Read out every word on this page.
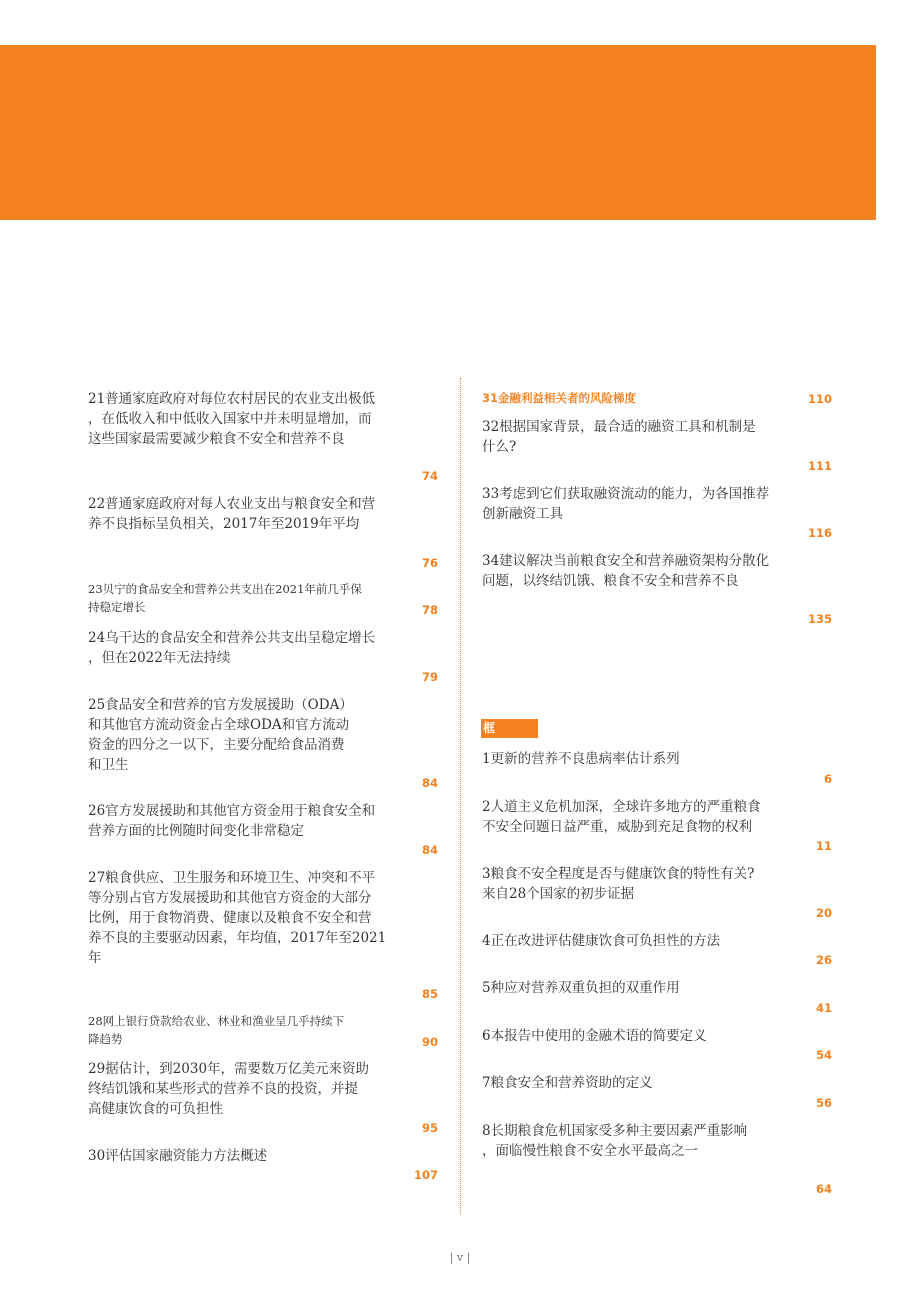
21普通家庭政府对每位农村居民的农业支出极低
，在低收入和中低收入国家中并未明显增加，而
这些国家最需要减少粮食不安全和营养不良
74
22普通家庭政府对每人农业支出与粮食安全和营
养不良指标呈负相关，2017年至2019年平均
76
23贝宁的食品安全和营养公共支出在2021年前几乎保
持稳定增长	78
24乌干达的食品安全和营养公共支出呈稳定增长
，但在2022年无法持续
79
25食品安全和营养的官方发展援助（ODA）
和其他官方流动资金占全球ODA和官方流动
资金的四分之一以下，主要分配给食品消费
和卫生
84
26官方发展援助和其他官方资金用于粮食安全和
营养方面的比例随时间变化非常稳定
84
27粮食供应、卫生服务和环境卫生、冲突和不平
等分别占官方发展援助和其他官方资金的大部分
比例，用于食物消费、健康以及粮食不安全和营
养不良的主要驱动因素，年均值，2017年至2021
年
85
28网上银行贷款给农业、林业和渔业呈几乎持续下
降趋势	90
29据估计，到2030年，需要数万亿美元来资助
终结饥饿和某些形式的营养不良的投资，并提
高健康饮食的可负担性
95
30评估国家融资能力方法概述
107
31金融利益相关者的风险梯度	110
32根据国家背景，最合适的融资工具和机制是
什么?
111
33考虑到它们获取融资流动的能力，为各国推荐
创新融资工具
116
34建议解决当前粮食安全和营养融资架构分散化
问题，以终结饥饿、粮食不安全和营养不良
135
框
1更新的营养不良患病率估计系列
6
2人道主义危机加深，全球许多地方的严重粮食
不安全问题日益严重，威胁到充足食物的权利
11
3粮食不安全程度是否与健康饮食的特性有关?
来自28个国家的初步证据
20
4正在改进评估健康饮食可负担性的方法
26
5种应对营养双重负担的双重作用
41
6本报告中使用的金融术语的简要定义
54
7粮食安全和营养资助的定义
56
8长期粮食危机国家受多种主要因素严重影响
，面临慢性粮食不安全水平最高之一
64
| v |
